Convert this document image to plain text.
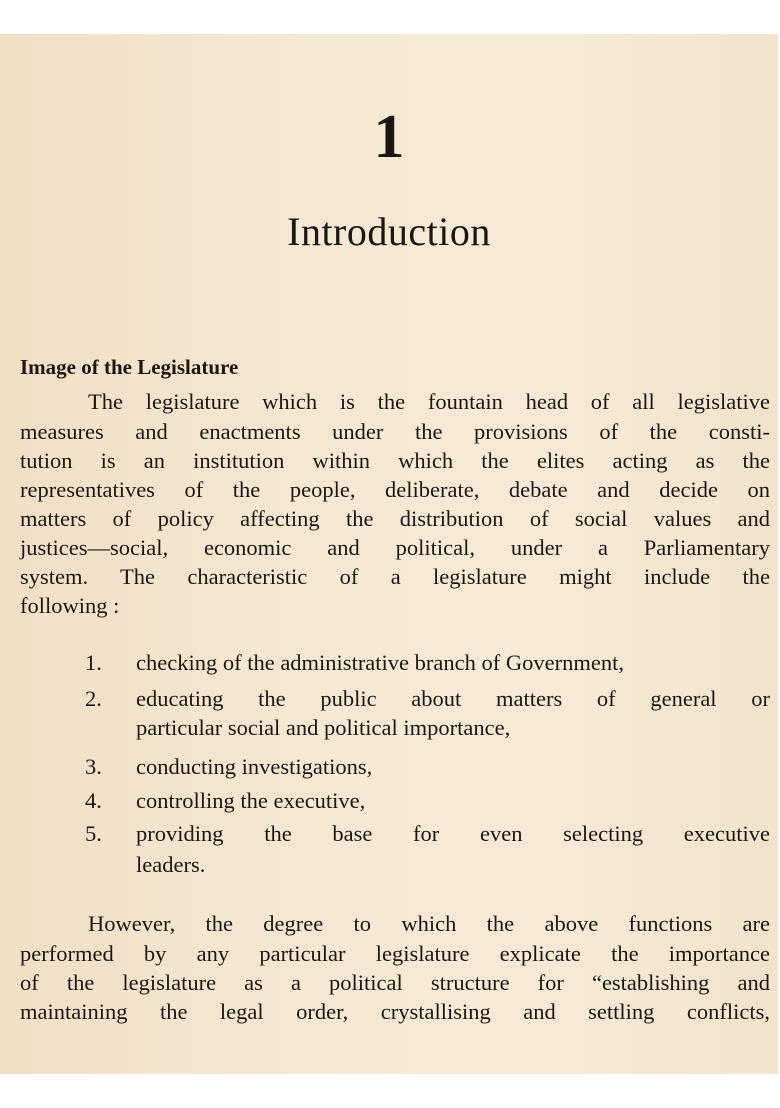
1
Introduction
Image of the Legislature
The legislature which is the fountain head of all legislative
measures and enactments under the provisions of the consti-
tution is an institution within which the elites acting as the
representatives of the people, deliberate, debate and decide on
matters of policy affecting the distribution of social values and
justices—social, economic and political, under a Parliamentary
system. The characteristic of a legislature might include the
following :
1. checking of the administrative branch of Government,
2. educating the public about matters of general or
particular social and political importance,
3. conducting investigations,
4. controlling the executive,
5. providing the base for even selecting executive
leaders.
However, the degree to which the above functions are
performed by any particular legislature explicate the importance
of the legislature as a political structure for “establishing and
maintaining the legal order, crystallising and settling conflicts,
